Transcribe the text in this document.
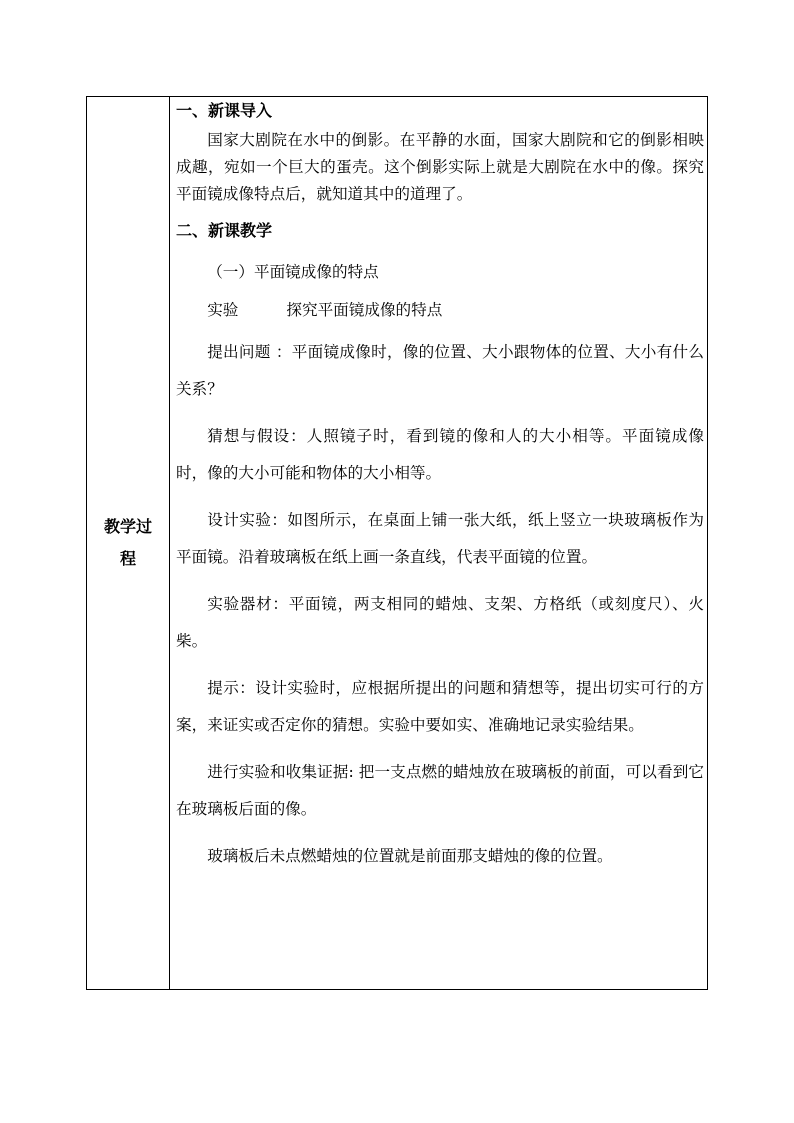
教学过程

一、新课导入

国家大剧院在水中的倒影。在平静的水面，国家大剧院和它的倒影相映成趣，宛如一个巨大的蛋壳。这个倒影实际上就是大剧院在水中的像。探究平面镜成像特点后，就知道其中的道理了。

二、新课教学

（一）平面镜成像的特点

实验	探究平面镜成像的特点

提出问题 ：平面镜成像时，像的位置、大小跟物体的位置、大小有什么关系？

猜想与假设：人照镜子时，看到镜的像和人的大小相等。平面镜成像时，像的大小可能和物体的大小相等。

设计实验：如图所示，在桌面上铺一张大纸，纸上竖立一块玻璃板作为平面镜。沿着玻璃板在纸上画一条直线，代表平面镜的位置。

实验器材：平面镜，两支相同的蜡烛、支架、方格纸（或刻度尺）、火柴。

提示：设计实验时，应根据所提出的问题和猜想等，提出切实可行的方案，来证实或否定你的猜想。实验中要如实、准确地记录实验结果。

进行实验和收集证据: 把一支点燃的蜡烛放在玻璃板的前面，可以看到它在玻璃板后面的像。

玻璃板后未点燃蜡烛的位置就是前面那支蜡烛的像的位置。
